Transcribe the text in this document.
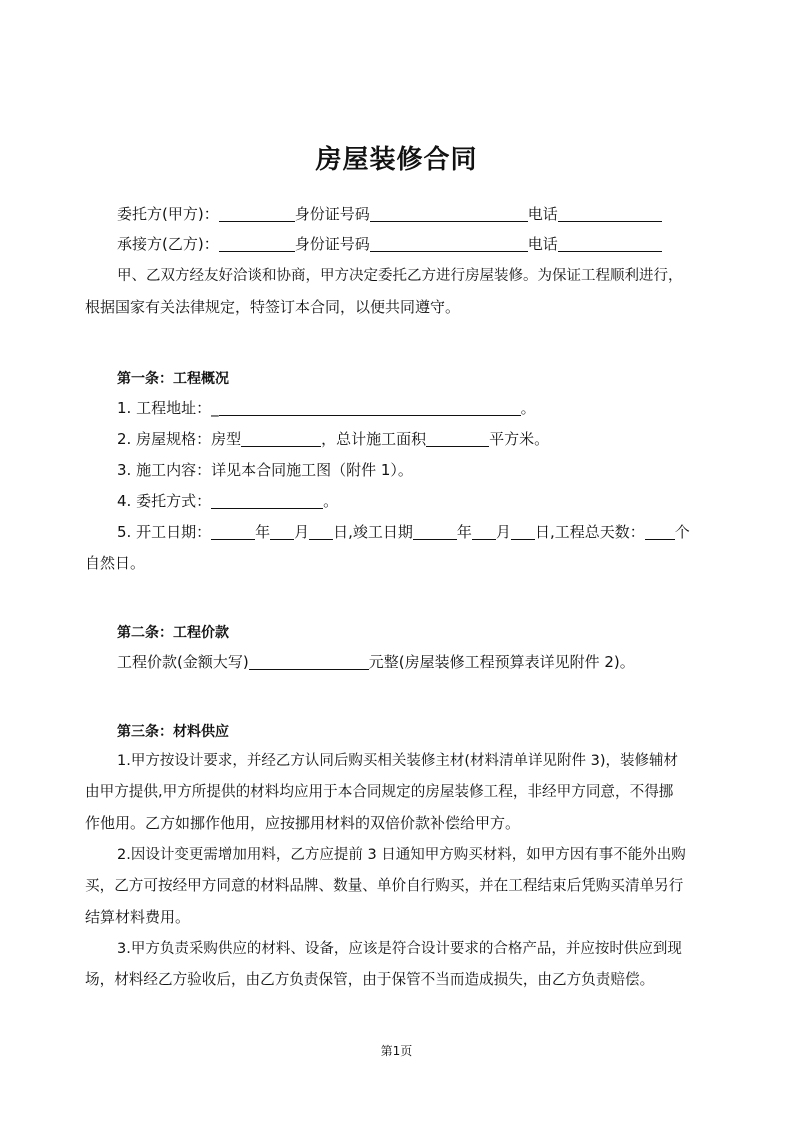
房屋装修合同
委托方(甲方)：	身份证号码	电话
承接方(乙方)：	身份证号码	电话
甲、乙双方经友好洽谈和协商，甲方决定委托乙方进行房屋装修。为保证工程顺利进行，
根据国家有关法律规定，特签订本合同，以便共同遵守。
第一条：工程概况
1. 工程地址：_	。
2. 房屋规格：房型	，总计施工面积	平方米。
3. 施工内容：详见本合同施工图（附件 1）。
4. 委托方式：	。
5. 开工日期：	年 月 日,竣工日期	年 月 日,工程总天数： 个
自然日。
第二条：工程价款
工程价款(金额大写)	元整(房屋装修工程预算表详见附件 2)。
第三条：材料供应
1.甲方按设计要求，并经乙方认同后购买相关装修主材(材料清单详见附件 3)，装修辅材
由甲方提供,甲方所提供的材料均应用于本合同规定的房屋装修工程，非经甲方同意，不得挪
作他用。乙方如挪作他用，应按挪用材料的双倍价款补偿给甲方。
2.因设计变更需增加用料，乙方应提前 3 日通知甲方购买材料，如甲方因有事不能外出购
买，乙方可按经甲方同意的材料品牌、数量、单价自行购买，并在工程结束后凭购买清单另行
结算材料费用。
3.甲方负责采购供应的材料、设备，应该是符合设计要求的合格产品，并应按时供应到现
场，材料经乙方验收后，由乙方负责保管，由于保管不当而造成损失，由乙方负责赔偿。
第1页
